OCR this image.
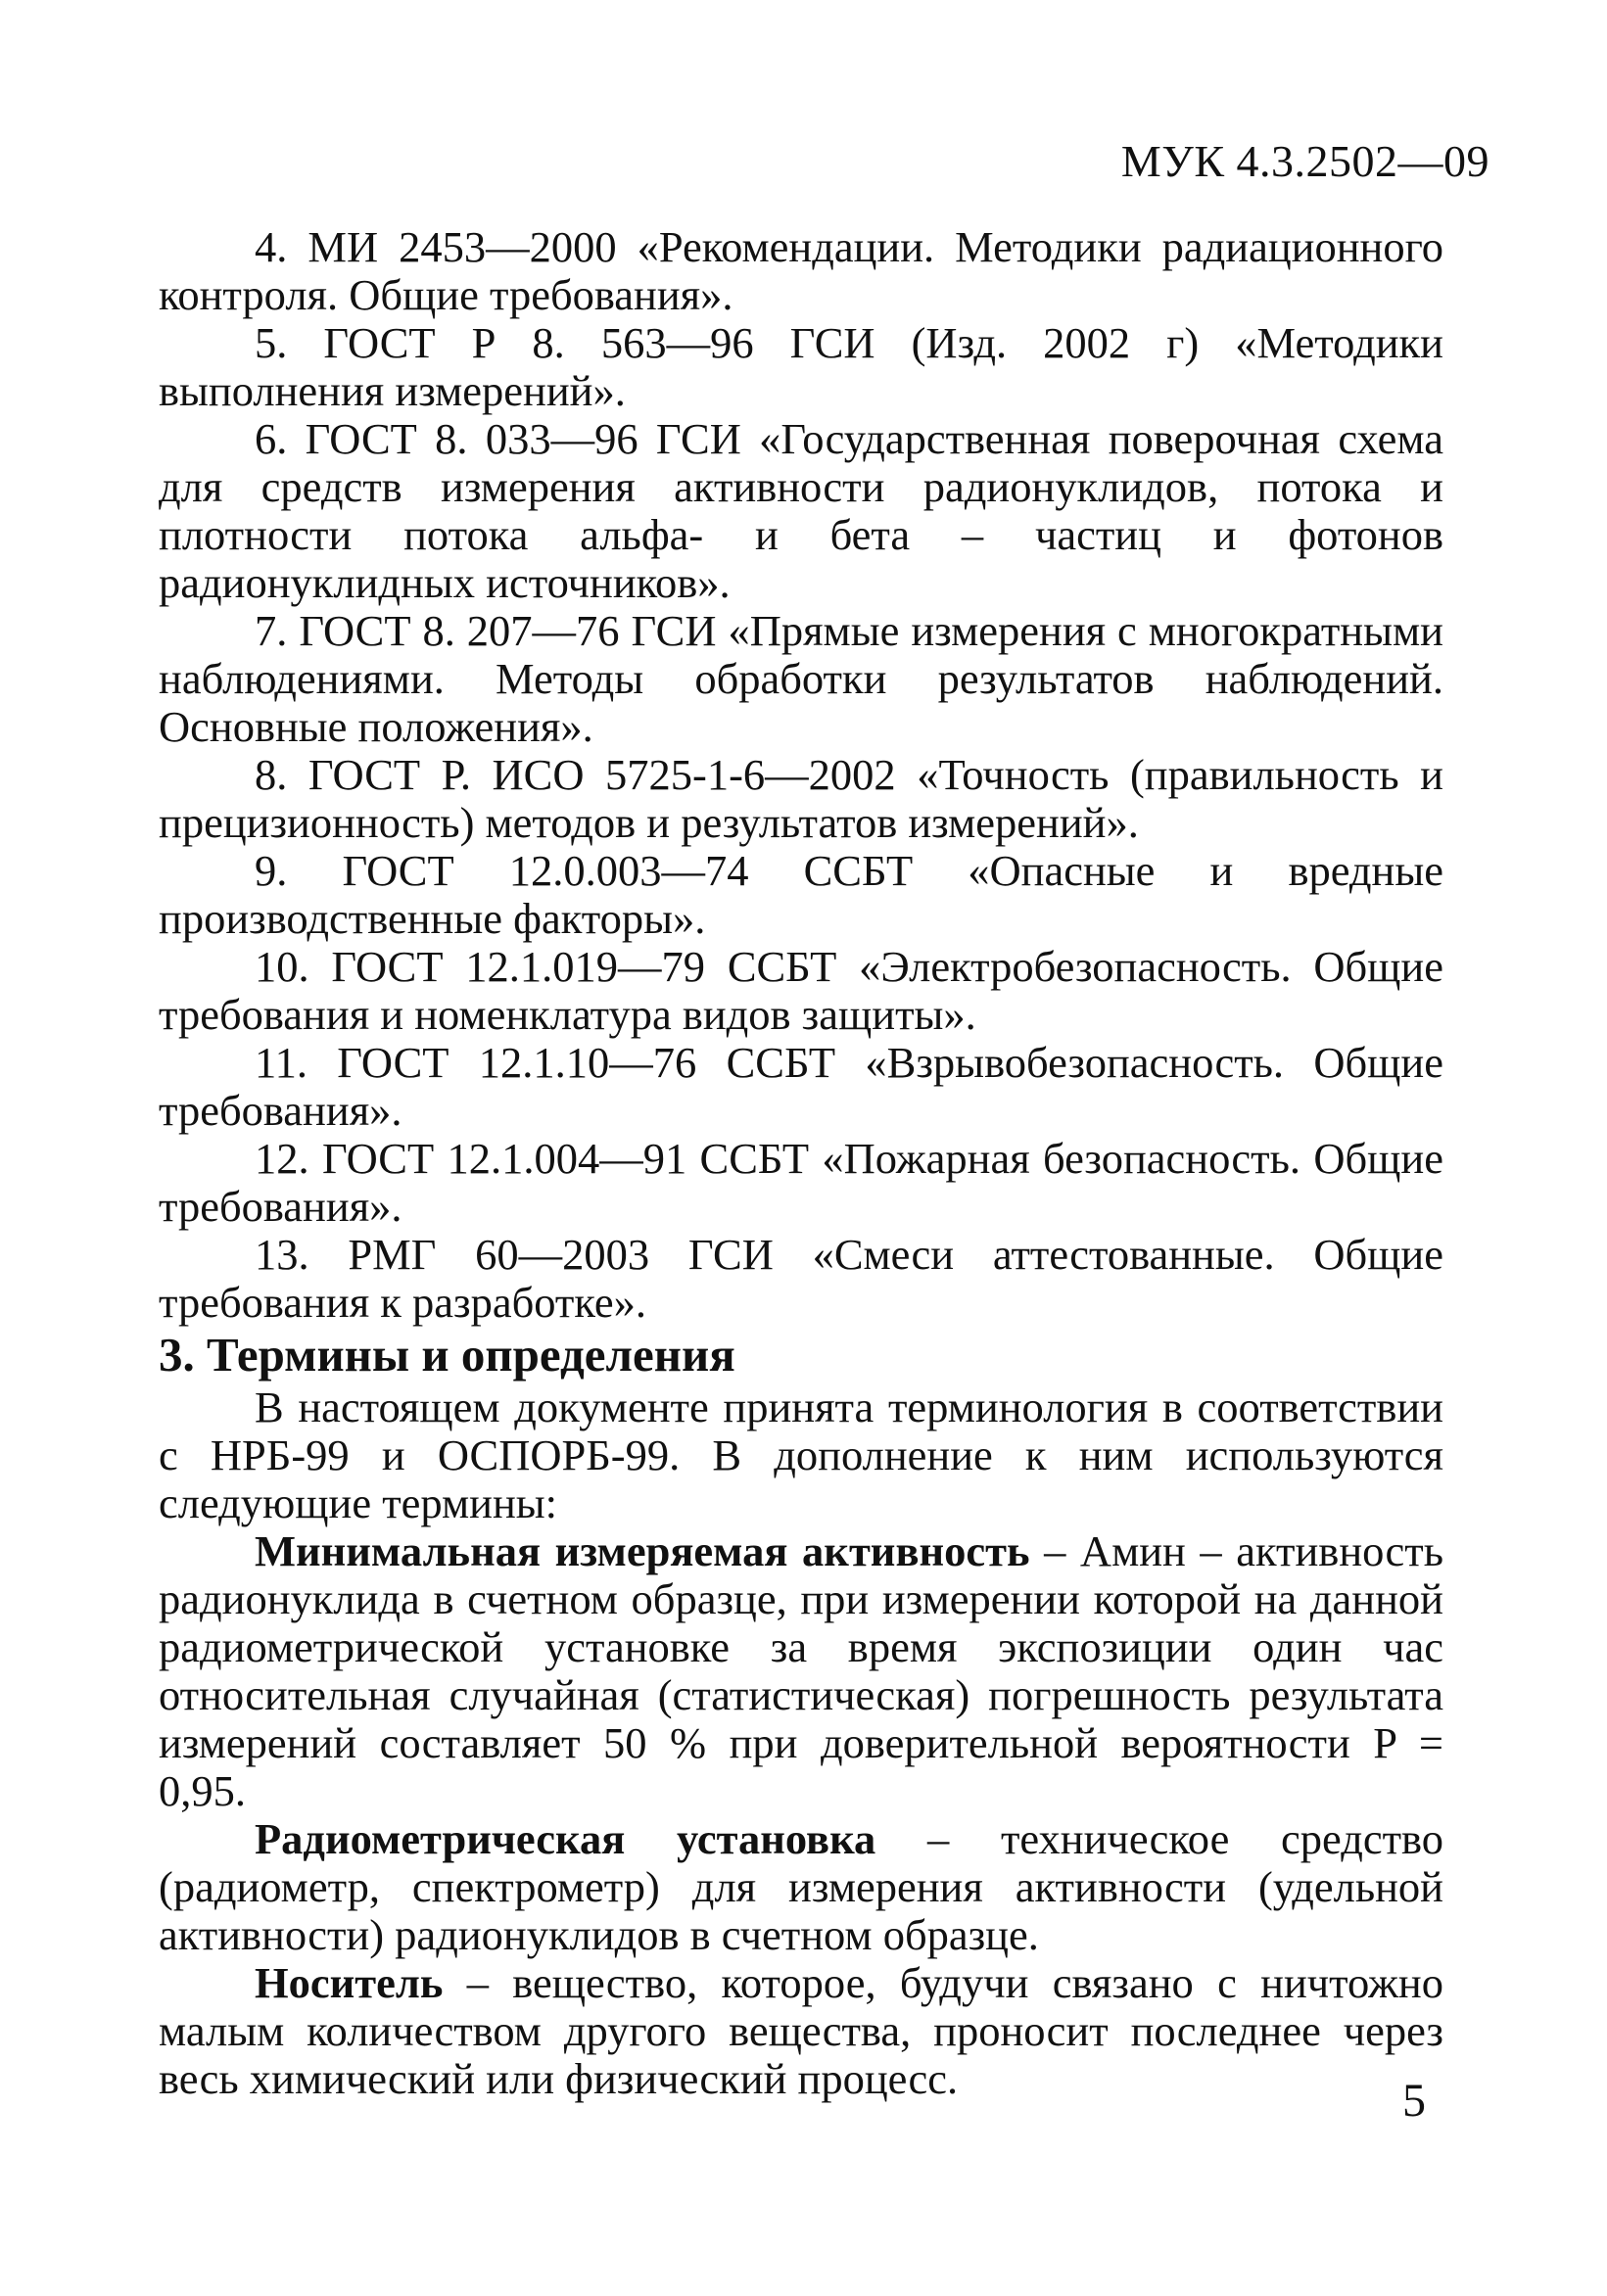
МУК 4.3.2502—09

4. МИ 2453—2000 «Рекомендации. Методики радиационного контроля. Общие требования».

5. ГОСТ Р 8. 563—96 ГСИ (Изд. 2002 г) «Методики выполнения измерений».

6. ГОСТ 8. 033—96 ГСИ «Государственная поверочная схема для средств измерения активности радионуклидов, потока и плотности потока альфа- и бета – частиц и фотонов радионуклидных источников».

7. ГОСТ 8. 207—76 ГСИ «Прямые измерения с многократными наблюдениями. Методы обработки результатов наблюдений. Основные положения».

8. ГОСТ Р. ИСО 5725-1-6—2002 «Точность (правильность и прецизионность) методов и результатов измерений».

9. ГОСТ 12.0.003—74 ССБТ «Опасные и вредные производственные факторы».

10. ГОСТ 12.1.019—79 ССБТ «Электробезопасность. Общие требования и номенклатура видов защиты».

11. ГОСТ 12.1.10—76 ССБТ «Взрывобезопасность. Общие требования».

12. ГОСТ 12.1.004—91 ССБТ «Пожарная безопасность. Общие требования».

13. РМГ 60—2003 ГСИ «Смеси аттестованные. Общие требования к разработке».

3. Термины и определения

В настоящем документе принята терминология в соответствии с НРБ-99 и ОСПОРБ-99. В дополнение к ним используются следующие термины:

Минимальная измеряемая активность – Aмин – активность радионуклида в счетном образце, при измерении которой на данной радиометрической установке за время экспозиции один час относительная случайная (статистическая) погрешность результата измерений составляет 50 % при доверительной вероятности P = 0,95.

Радиометрическая установка – техническое средство (радиометр, спектрометр) для измерения активности (удельной активности) радионуклидов в счетном образце.

Носитель – вещество, которое, будучи связано с ничтожно малым количеством другого вещества, проносит последнее через весь химический или физический процесс.	5
